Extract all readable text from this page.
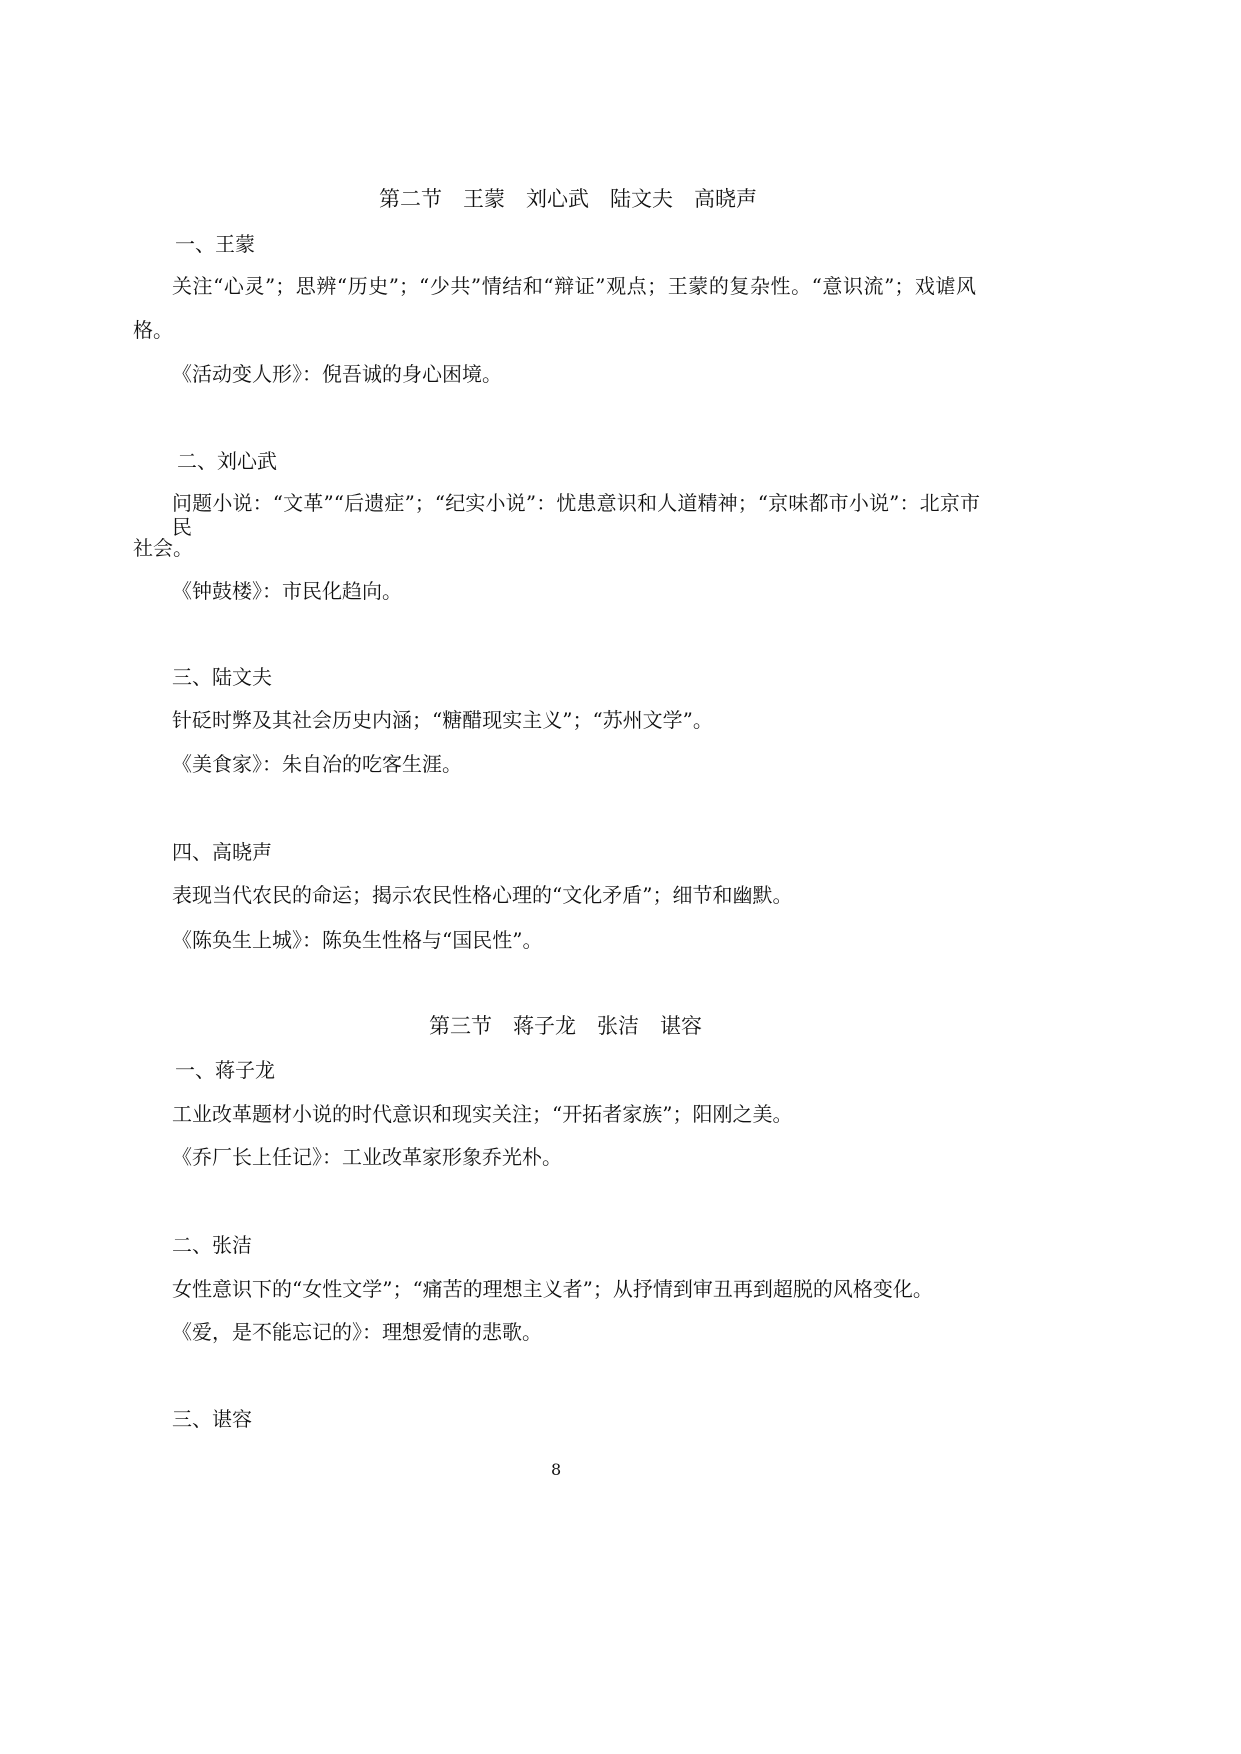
第二节　王蒙　刘心武　陆文夫　高晓声
一、王蒙
关注“心灵”；思辨“历史”；“少共”情结和“辩证”观点；王蒙的复杂性。“意识流”；戏谑风
格。
《活动变人形》：倪吾诚的身心困境。
二、刘心武
问题小说：“文革”“后遗症”；“纪实小说”：忧患意识和人道精神；“京味都市小说”：北京市民
社会。
《钟鼓楼》：市民化趋向。
三、陆文夫
针砭时弊及其社会历史内涵；“糖醋现实主义”；“苏州文学”。
《美食家》：朱自冶的吃客生涯。
四、高晓声
表现当代农民的命运；揭示农民性格心理的“文化矛盾”；细节和幽默。
《陈奂生上城》：陈奂生性格与“国民性”。
第三节　蒋子龙　张洁　谌容
一、蒋子龙
工业改革题材小说的时代意识和现实关注；“开拓者家族”；阳刚之美。
《乔厂长上任记》：工业改革家形象乔光朴。
二、张洁
女性意识下的“女性文学”；“痛苦的理想主义者”；从抒情到审丑再到超脱的风格变化。
《爱，是不能忘记的》：理想爱情的悲歌。
三、谌容
8
